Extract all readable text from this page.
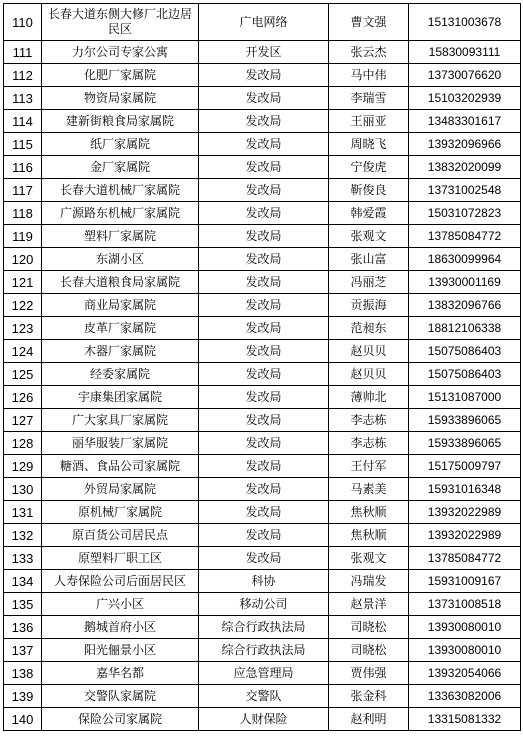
110	长春大道东侧大修厂北边居民区	广电网络	曹文强	15131003678
111	力尔公司专家公寓	开发区	张云杰	15830093111
112	化肥厂家属院	发改局	马中伟	13730076620
113	物资局家属院	发改局	李瑞雪	15103202939
114	建新街粮食局家属院	发改局	王丽亚	13483301617
115	纸厂家属院	发改局	周晓飞	13932096966
116	金厂家属院	发改局	宁俊虎	13832020099
117	长春大道机械厂家属院	发改局	靳俊良	13731002548
118	广源路东机械厂家属院	发改局	韩爱霞	15031072823
119	塑料厂家属院	发改局	张观文	13785084772
120	东湖小区	发改局	张山富	18630099964
121	长春大道粮食局家属院	发改局	冯丽芝	13930001169
122	商业局家属院	发改局	贡振海	13832096766
123	皮革厂家属院	发改局	范昶东	18812106338
124	木器厂家属院	发改局	赵贝贝	15075086403
125	经委家属院	发改局	赵贝贝	15075086403
126	宇康集团家属院	发改局	薄帅北	15131087000
127	广大家具厂家属院	发改局	李志栋	15933896065
128	丽华服装厂家属院	发改局	李志栋	15933896065
129	糖酒、食品公司家属院	发改局	王付军	15175009797
130	外贸局家属院	发改局	马素美	15931016348
131	原机械厂家属院	发改局	焦秋顺	13932022989
132	原百货公司居民点	发改局	焦秋顺	13932022989
133	原塑料厂职工区	发改局	张观文	13785084772
134	人寿保险公司后面居民区	科协	冯瑞发	15931009167
135	广兴小区	移动公司	赵景洋	13731008518
136	鹅城首府小区	综合行政执法局	司晓松	13930080010
137	阳光俪景小区	综合行政执法局	司晓松	13930080010
138	嘉华名都	应急管理局	贾伟强	13932054066
139	交警队家属院	交警队	张金科	13363082006
140	保险公司家属院	人财保险	赵利明	13315081332
